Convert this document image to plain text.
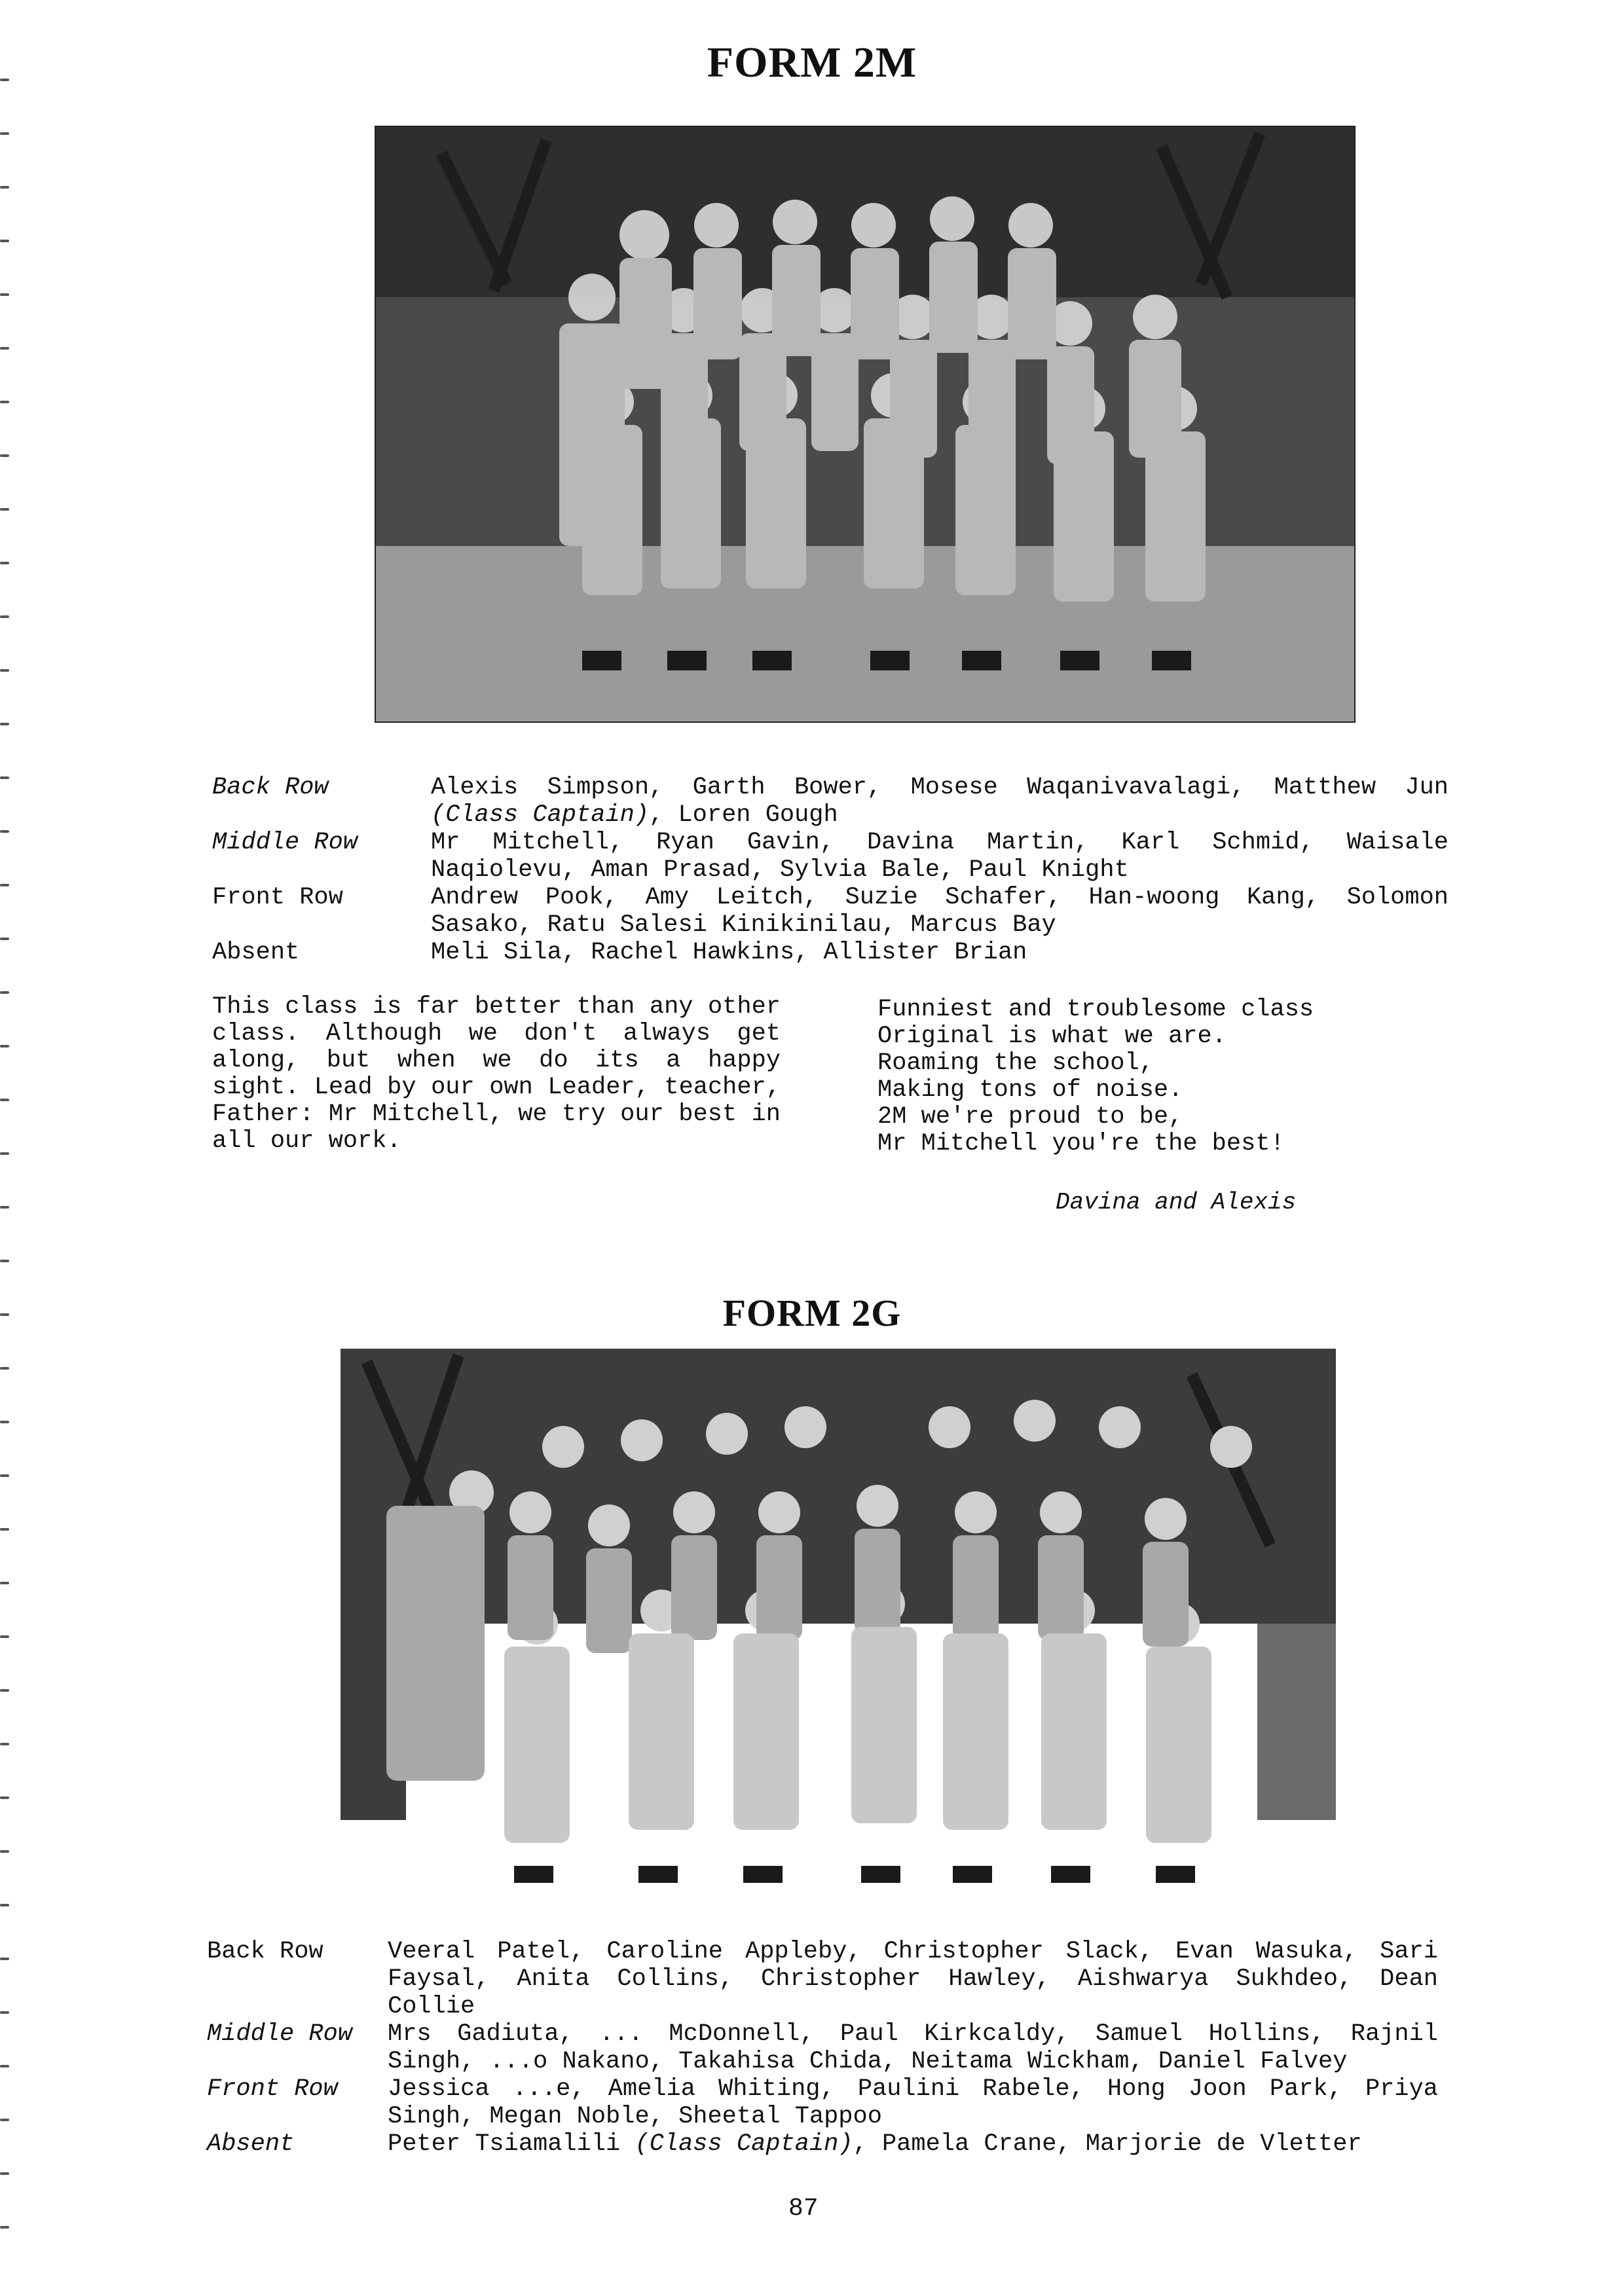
FORM 2M
Back Row	Alexis Simpson, Garth Bower, Mosese Waqanivavalagi, Matthew Jun (Class Captain), Loren Gough
Middle Row	Mr Mitchell, Ryan Gavin, Davina Martin, Karl Schmid, Waisale Naqiolevu, Aman Prasad, Sylvia Bale, Paul Knight
Front Row	Andrew Pook, Amy Leitch, Suzie Schafer, Han-woong Kang, Solomon Sasako, Ratu Salesi Kinikinilau, Marcus Bay
Absent	Meli Sila, Rachel Hawkins, Allister Brian
This class is far better than any other class. Although we don't always get along, but when we do its a happy sight. Lead by our own Leader, teacher, Father: Mr Mitchell, we try our best in all our work.
Funniest and troublesome class
Original is what we are.
Roaming the school,
Making tons of noise.
2M we're proud to be,
Mr Mitchell you're the best!
Davina and Alexis
FORM 2G
Back Row	Veeral Patel, Caroline Appleby, Christopher Slack, Evan Wasuka, Sari Faysal, Anita Collins, Christopher Hawley, Aishwarya Sukhdeo, Dean Collie
Middle Row	Mrs Gadiuta, ... McDonnell, Paul Kirkcaldy, Samuel Hollins, Rajnil Singh, ...o Nakano, Takahisa Chida, Neitama Wickham, Daniel Falvey
Front Row	Jessica ...e, Amelia Whiting, Paulini Rabele, Hong Joon Park, Priya Singh, Megan Noble, Sheetal Tappoo
Absent	Peter Tsiamalili (Class Captain), Pamela Crane, Marjorie de Vletter
87
